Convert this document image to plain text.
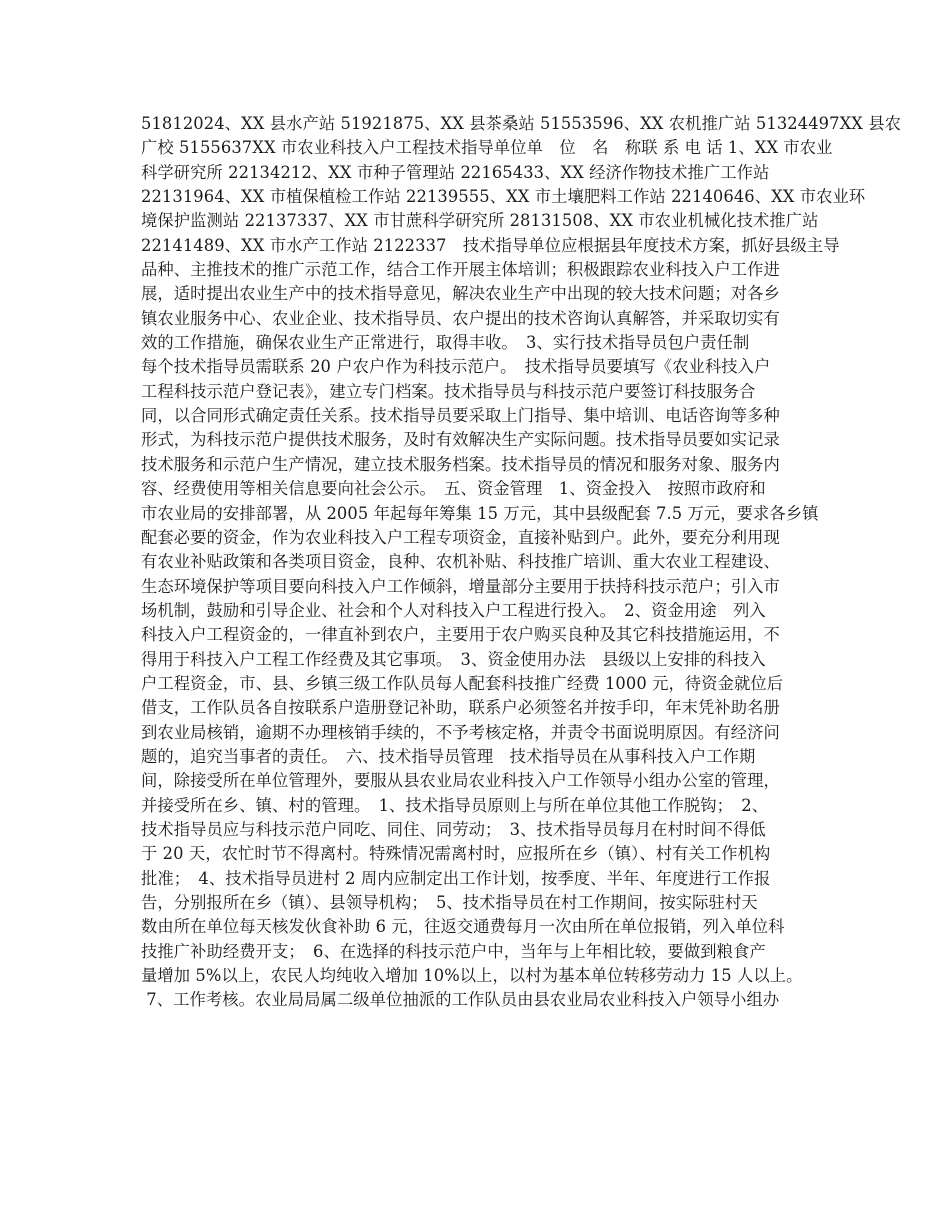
51812024、XX 县水产站 51921875、XX 县茶桑站 51553596、XX 农机推广站 51324497XX 县农
广校 5155637XX 市农业科技入户工程技术指导单位单　位　名　称联 系 电 话 1、XX 市农业
科学研究所 22134212、XX 市种子管理站 22165433、XX 经济作物技术推广工作站
22131964、XX 市植保植检工作站 22139555、XX 市土壤肥料工作站 22140646、XX 市农业环
境保护监测站 22137337、XX 市甘蔗科学研究所 28131508、XX 市农业机械化技术推广站
22141489、XX 市水产工作站 2122337　技术指导单位应根据县年度技术方案，抓好县级主导
品种、主推技术的推广示范工作，结合工作开展主体培训；积极跟踪农业科技入户工作进
展，适时提出农业生产中的技术指导意见，解决农业生产中出现的较大技术问题；对各乡
镇农业服务中心、农业企业、技术指导员、农户提出的技术咨询认真解答，并采取切实有
效的工作措施，确保农业生产正常进行，取得丰收。　3、实行技术指导员包户责任制
每个技术指导员需联系 20 户农户作为科技示范户。　技术指导员要填写《农业科技入户
工程科技示范户登记表》，建立专门档案。技术指导员与科技示范户要签订科技服务合
同，以合同形式确定责任关系。技术指导员要采取上门指导、集中培训、电话咨询等多种
形式，为科技示范户提供技术服务，及时有效解决生产实际问题。技术指导员要如实记录
技术服务和示范户生产情况，建立技术服务档案。技术指导员的情况和服务对象、服务内
容、经费使用等相关信息要向社会公示。　五、资金管理　1、资金投入　按照市政府和
市农业局的安排部署，从 2005 年起每年筹集 15 万元，其中县级配套 7.5 万元，要求各乡镇
配套必要的资金，作为农业科技入户工程专项资金，直接补贴到户。此外，要充分利用现
有农业补贴政策和各类项目资金，良种、农机补贴、科技推广培训、重大农业工程建设、
生态环境保护等项目要向科技入户工作倾斜，增量部分主要用于扶持科技示范户；引入市
场机制，鼓励和引导企业、社会和个人对科技入户工程进行投入。　2、资金用途　列入
科技入户工程资金的，一律直补到农户，主要用于农户购买良种及其它科技措施运用，不
得用于科技入户工程工作经费及其它事项。　3、资金使用办法　县级以上安排的科技入
户工程资金，市、县、乡镇三级工作队员每人配套科技推广经费 1000 元，待资金就位后
借支，工作队员各自按联系户造册登记补助，联系户必须签名并按手印，年末凭补助名册
到农业局核销，逾期不办理核销手续的，不予考核定格，并责令书面说明原因。有经济问
题的，追究当事者的责任。　六、技术指导员管理　技术指导员在从事科技入户工作期
间，除接受所在单位管理外，要服从县农业局农业科技入户工作领导小组办公室的管理，
并接受所在乡、镇、村的管理。　1、技术指导员原则上与所在单位其他工作脱钩；　2、
技术指导员应与科技示范户同吃、同住、同劳动；　3、技术指导员每月在村时间不得低
于 20 天，农忙时节不得离村。特殊情况需离村时，应报所在乡（镇）、村有关工作机构
批准；　4、技术指导员进村 2 周内应制定出工作计划，按季度、半年、年度进行工作报
告，分别报所在乡（镇）、县领导机构；　5、技术指导员在村工作期间，按实际驻村天
数由所在单位每天核发伙食补助 6 元，往返交通费每月一次由所在单位报销，列入单位科
技推广补助经费开支；　6、在选择的科技示范户中，当年与上年相比较，要做到粮食产
量增加 5%以上，农民人均纯收入增加 10%以上，以村为基本单位转移劳动力 15 人以上。
7、工作考核。农业局局属二级单位抽派的工作队员由县农业局农业科技入户领导小组办
